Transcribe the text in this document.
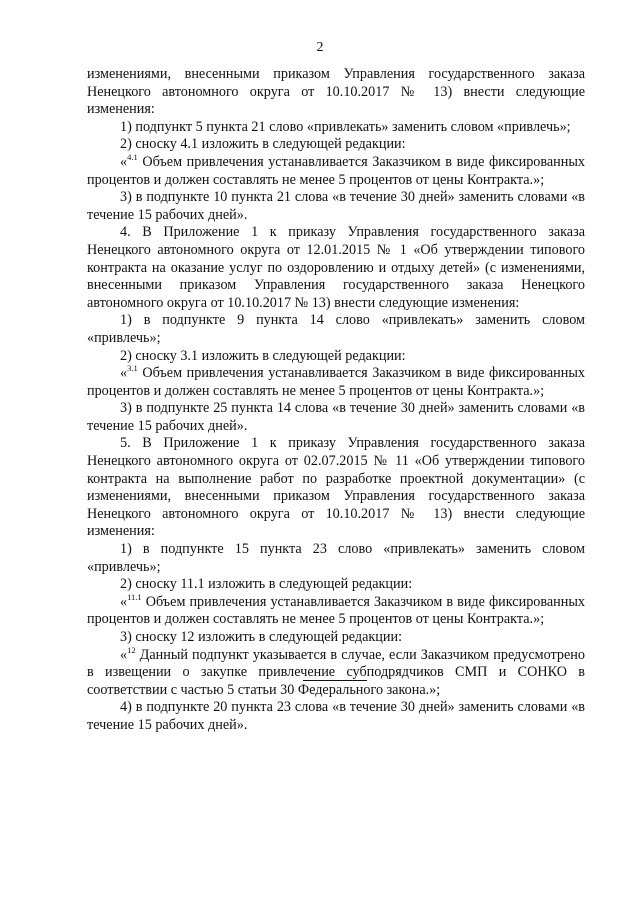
2

изменениями, внесенными приказом Управления государственного заказа Ненецкого автономного округа от 10.10.2017 № 13) внести следующие изменения:

1) подпункт 5 пункта 21 слово «привлекать» заменить словом «привлечь»;

2) сноску 4.1 изложить в следующей редакции:

«$^{4.1}$ Объем привлечения устанавливается Заказчиком в виде фиксированных процентов и должен составлять не менее 5 процентов от цены Контракта.»;

3) в подпункте 10 пункта 21 слова «в течение 30 дней» заменить словами «в течение 15 рабочих дней».

4. В Приложение 1 к приказу Управления государственного заказа Ненецкого автономного округа от 12.01.2015 № 1 «Об утверждении типового контракта на оказание услуг по оздоровлению и отдыху детей» (с изменениями, внесенными приказом Управления государственного заказа Ненецкого автономного округа от 10.10.2017 № 13) внести следующие изменения:

1) в подпункте 9 пункта 14 слово «привлекать» заменить словом «привлечь»;

2) сноску 3.1 изложить в следующей редакции:

«$^{3.1}$ Объем привлечения устанавливается Заказчиком в виде фиксированных процентов и должен составлять не менее 5 процентов от цены Контракта.»;

3) в подпункте 25 пункта 14 слова «в течение 30 дней» заменить словами «в течение 15 рабочих дней».

5. В Приложение 1 к приказу Управления государственного заказа Ненецкого автономного округа от 02.07.2015 № 11 «Об утверждении типового контракта на выполнение работ по разработке проектной документации» (с изменениями, внесенными приказом Управления государственного заказа Ненецкого автономного округа от 10.10.2017 № 13) внести следующие изменения:

1) в подпункте 15 пункта 23 слово «привлекать» заменить словом «привлечь»;

2) сноску 11.1 изложить в следующей редакции:

«$^{11.1}$ Объем привлечения устанавливается Заказчиком в виде фиксированных процентов и должен составлять не менее 5 процентов от цены Контракта.»;

3) сноску 12 изложить в следующей редакции:

«$^{12}$ Данный подпункт указывается в случае, если Заказчиком предусмотрено в извещении о закупке привлечение субподрядчиков СМП и СОНКО в соответствии с частью 5 статьи 30 Федерального закона.»;

4) в подпункте 20 пункта 23 слова «в течение 30 дней» заменить словами «в течение 15 рабочих дней».
